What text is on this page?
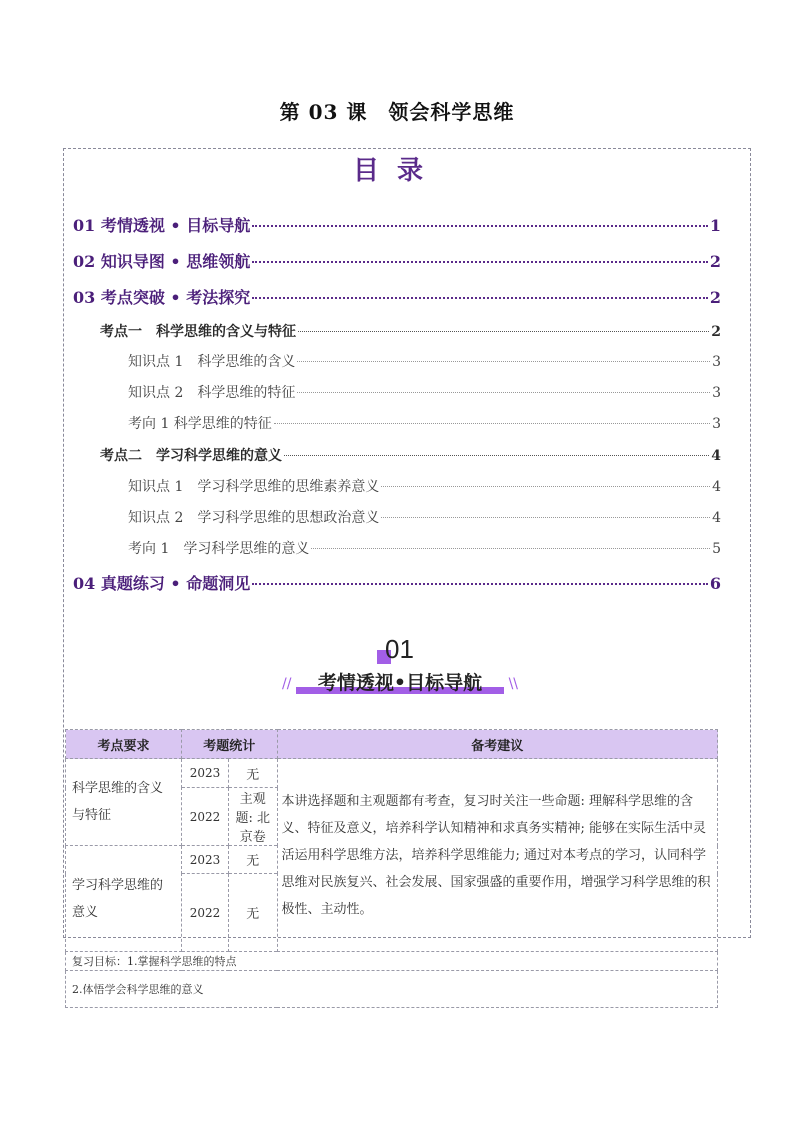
第 03 课　领会科学思维
目录
01 考情透视 • 目标导航	1
02 知识导图 • 思维领航	2
03 考点突破 • 考法探究	2
考点一　科学思维的含义与特征	2
知识点 1　科学思维的含义	3
知识点 2　科学思维的特征	3
考向 1 科学思维的特征	3
考点二　学习科学思维的意义	4
知识点 1　学习科学思维的思维素养意义	4
知识点 2　学习科学思维的思想政治意义	4
考向 1　学习科学思维的意义	5
04 真题练习 • 命题洞见	6
01
// 考情透视•目标导航 \\
考点要求	考题统计		备考建议
科学思维的含义与特征	2023	无	本讲选择题和主观题都有考查，复习时关注一些命题: 理解科学思维的含义、特征及意义，培养科学认知精神和求真务实精神; 能够在实际生活中灵活运用科学思维方法，培养科学思维能力; 通过对本考点的学习，认同科学思维对民族复兴、社会发展、国家强盛的重要作用，增强学习科学思维的积极性、主动性。
	2022	主观题: 北京卷	
学习科学思维的意义	2023	无	
	2022	无	
复习目标：1.掌握科学思维的特点			
2.体悟学会科学思维的意义			
